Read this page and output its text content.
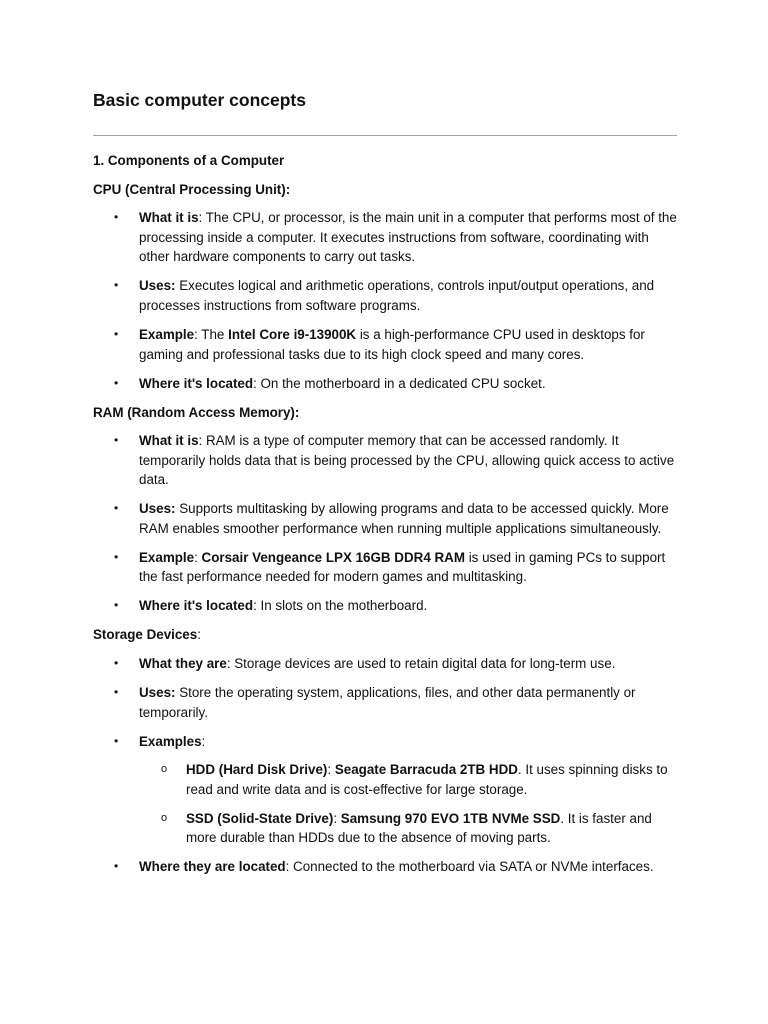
Basic computer concepts
1. Components of a Computer
CPU (Central Processing Unit):
• What it is: The CPU, or processor, is the main unit in a computer that performs most of the processing inside a computer. It executes instructions from software, coordinating with other hardware components to carry out tasks.
• Uses: Executes logical and arithmetic operations, controls input/output operations, and processes instructions from software programs.
• Example: The Intel Core i9-13900K is a high-performance CPU used in desktops for gaming and professional tasks due to its high clock speed and many cores.
• Where it's located: On the motherboard in a dedicated CPU socket.
RAM (Random Access Memory):
• What it is: RAM is a type of computer memory that can be accessed randomly. It temporarily holds data that is being processed by the CPU, allowing quick access to active data.
• Uses: Supports multitasking by allowing programs and data to be accessed quickly. More RAM enables smoother performance when running multiple applications simultaneously.
• Example: Corsair Vengeance LPX 16GB DDR4 RAM is used in gaming PCs to support the fast performance needed for modern games and multitasking.
• Where it's located: In slots on the motherboard.
Storage Devices:
• What they are: Storage devices are used to retain digital data for long-term use.
• Uses: Store the operating system, applications, files, and other data permanently or temporarily.
• Examples:
o HDD (Hard Disk Drive): Seagate Barracuda 2TB HDD. It uses spinning disks to read and write data and is cost-effective for large storage.
o SSD (Solid-State Drive): Samsung 970 EVO 1TB NVMe SSD. It is faster and more durable than HDDs due to the absence of moving parts.
• Where they are located: Connected to the motherboard via SATA or NVMe interfaces.
